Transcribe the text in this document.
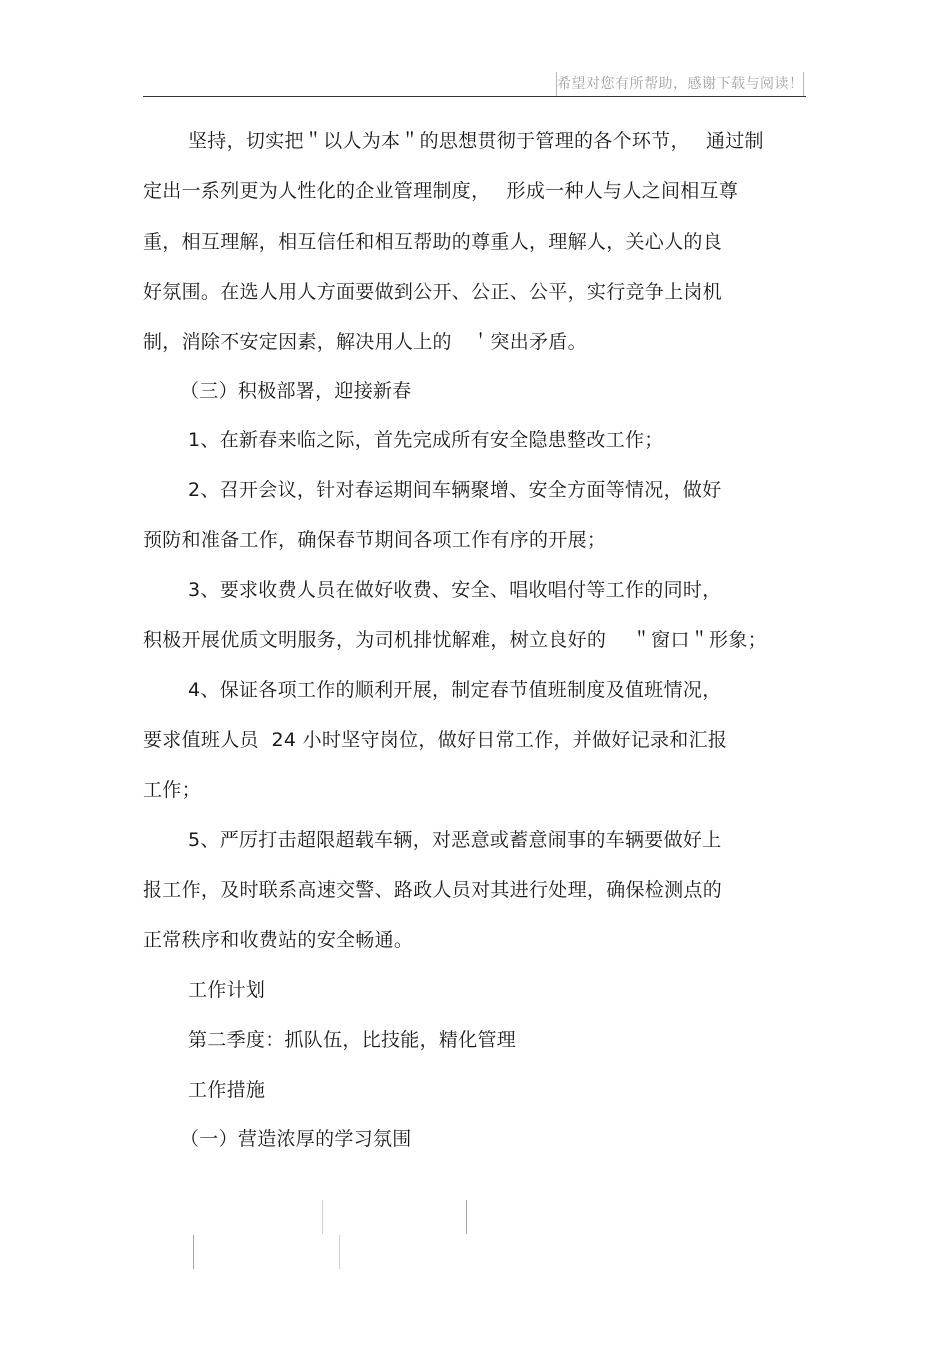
希望对您有所帮助，感谢下载与阅读！
坚持，切实把＂以人为本＂的思想贯彻于管理的各个环节，　 通过制
定出一系列更为人性化的企业管理制度，　 形成一种人与人之间相互尊
重，相互理解，相互信任和相互帮助的尊重人，理解人，关心人的良
好氛围。在选人用人方面要做到公开、公正、公平，实行竞争上岗机
制，消除不安定因素，解决用人上的　＇突出矛盾。
（三）积极部署，迎接新春
1、在新春来临之际，首先完成所有安全隐患整改工作；
2、召开会议，针对春运期间车辆聚增、安全方面等情况，做好
预防和准备工作，确保春节期间各项工作有序的开展；
3、要求收费人员在做好收费、安全、唱收唱付等工作的同时，
积极开展优质文明服务，为司机排忧解难，树立良好的　 ＂窗口＂形象；
4、保证各项工作的顺利开展，制定春节值班制度及值班情况，
要求值班人员  24 小时坚守岗位，做好日常工作，并做好记录和汇报
工作；
5、严厉打击超限超载车辆，对恶意或蓄意闹事的车辆要做好上
报工作，及时联系高速交警、路政人员对其进行处理，确保检测点的
正常秩序和收费站的安全畅通。
工作计划
第二季度：抓队伍，比技能，精化管理
工作措施
（一）营造浓厚的学习氛围
